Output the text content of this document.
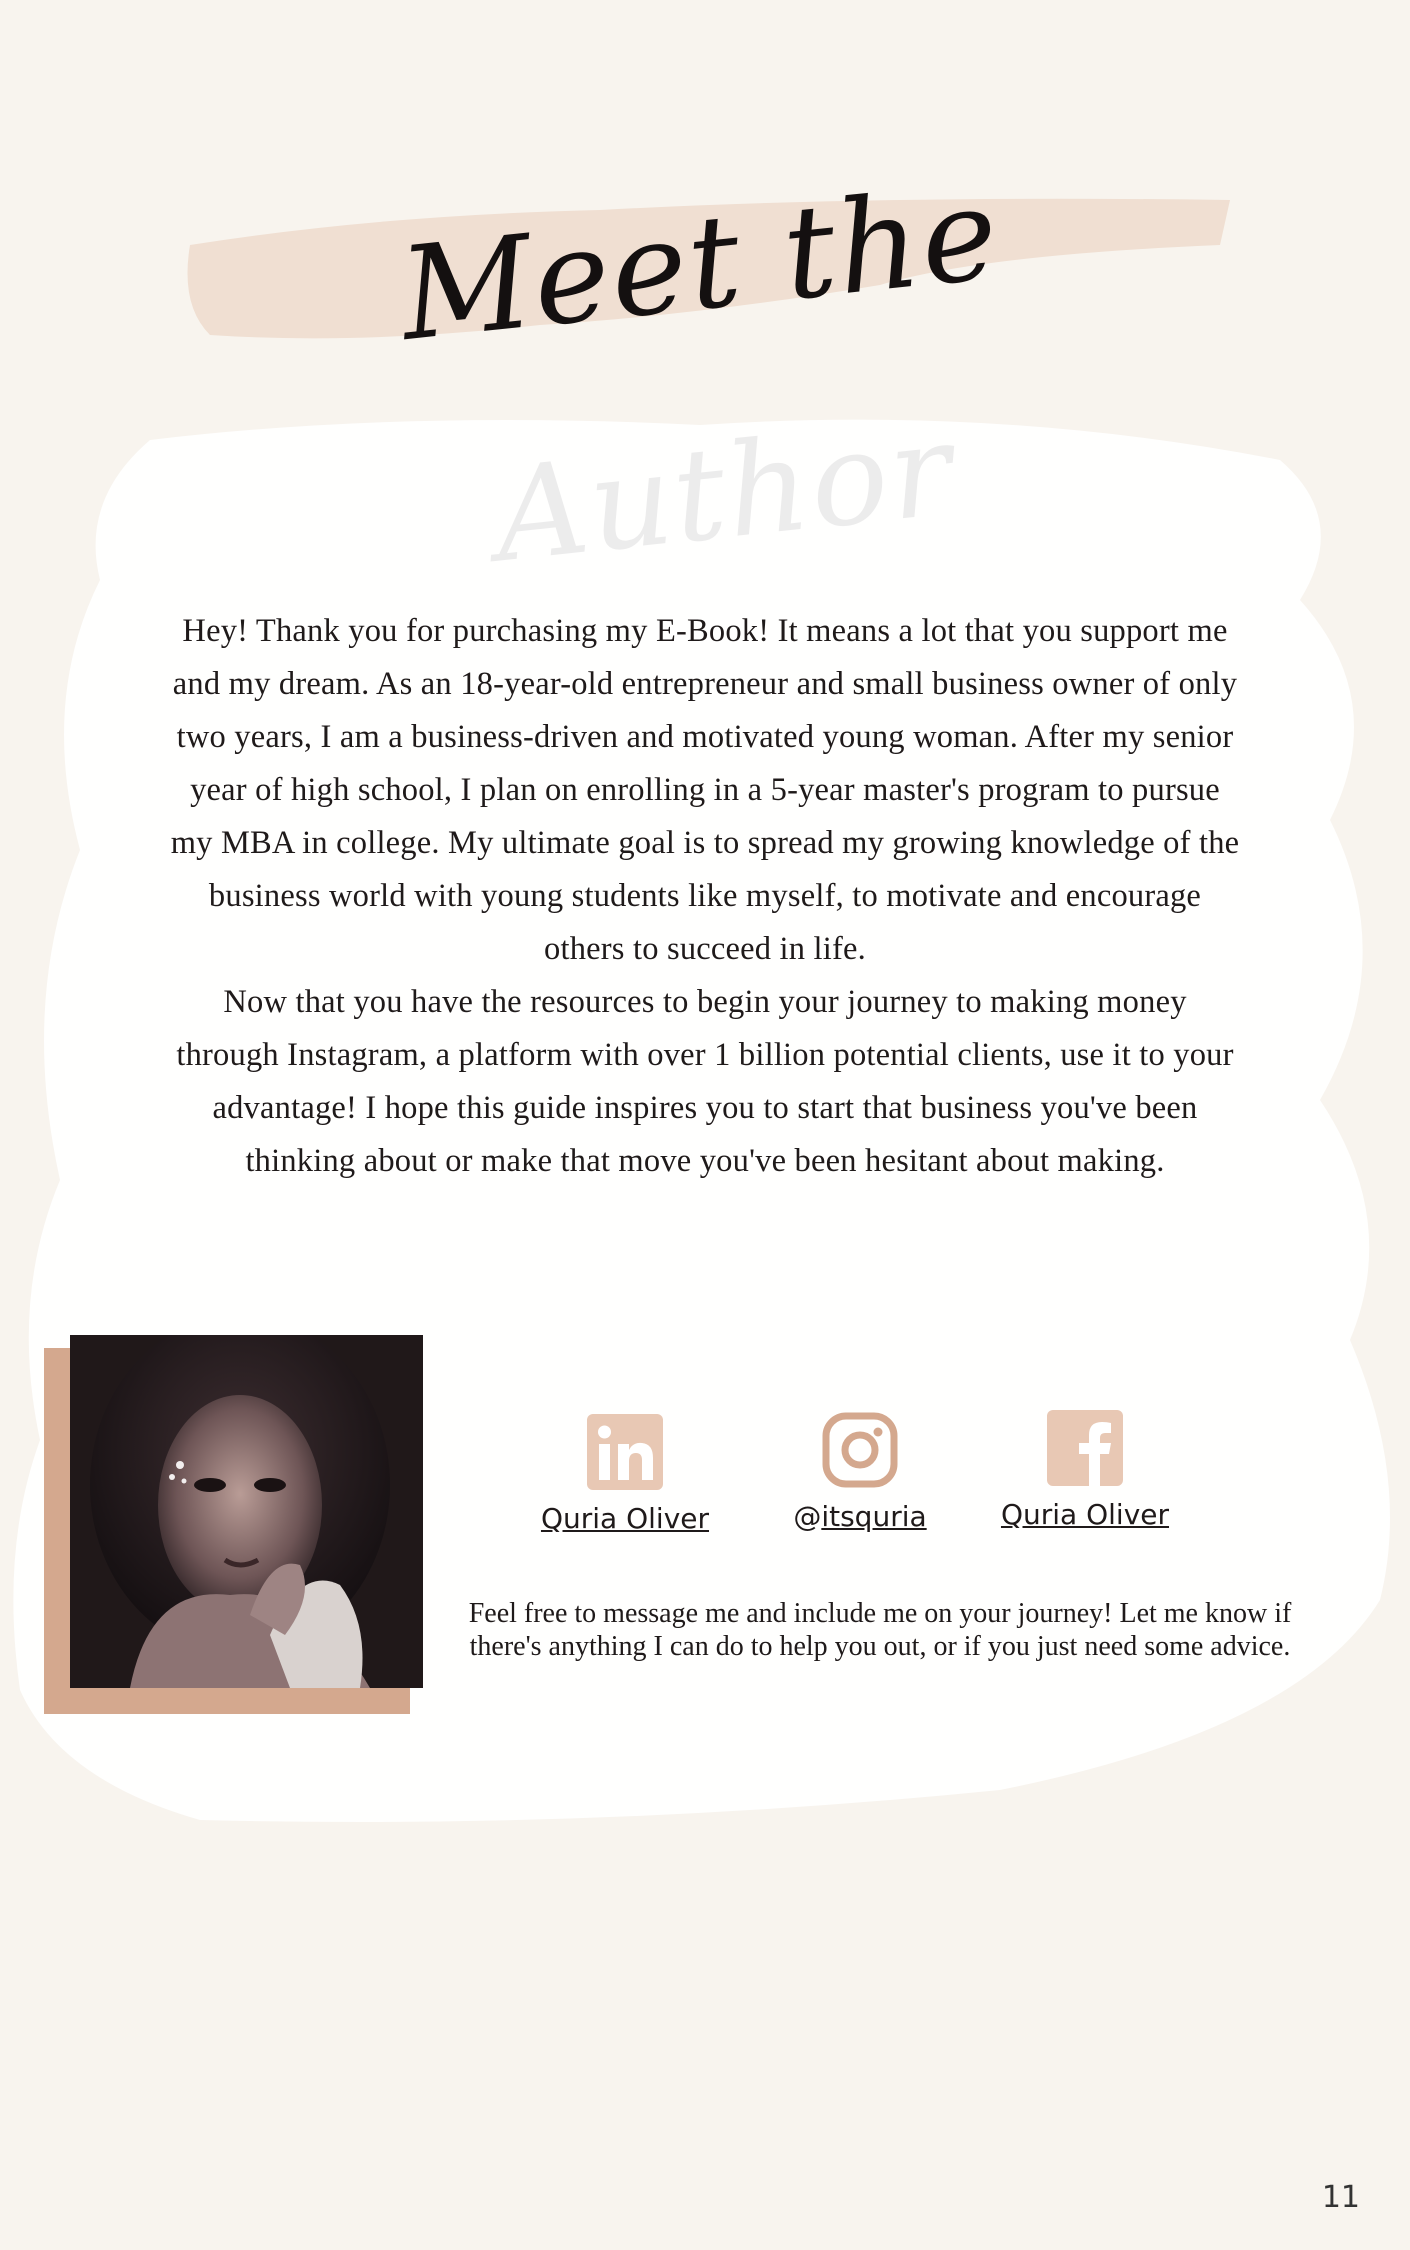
Meet the

Hey! Thank you for purchasing my E-Book! It means a lot that you support me and my dream. As an 18-year-old entrepreneur and small business owner of only two years, I am a business-driven and motivated young woman. After my senior year of high school, I plan on enrolling in a 5-year master's program to pursue my MBA in college. My ultimate goal is to spread my growing knowledge of the business world with young students like myself, to motivate and encourage others to succeed in life.

Now that you have the resources to begin your journey to making money through Instagram, a platform with over 1 billion potential clients, use it to your advantage! I hope this guide inspires you to start that business you've been thinking about or make that move you've been hesitant about making.

Quria Oliver	@itsquria	Quria Oliver

Feel free to message me and include me on your journey! Let me know if there's anything I can do to help you out, or if you just need some advice.

11
